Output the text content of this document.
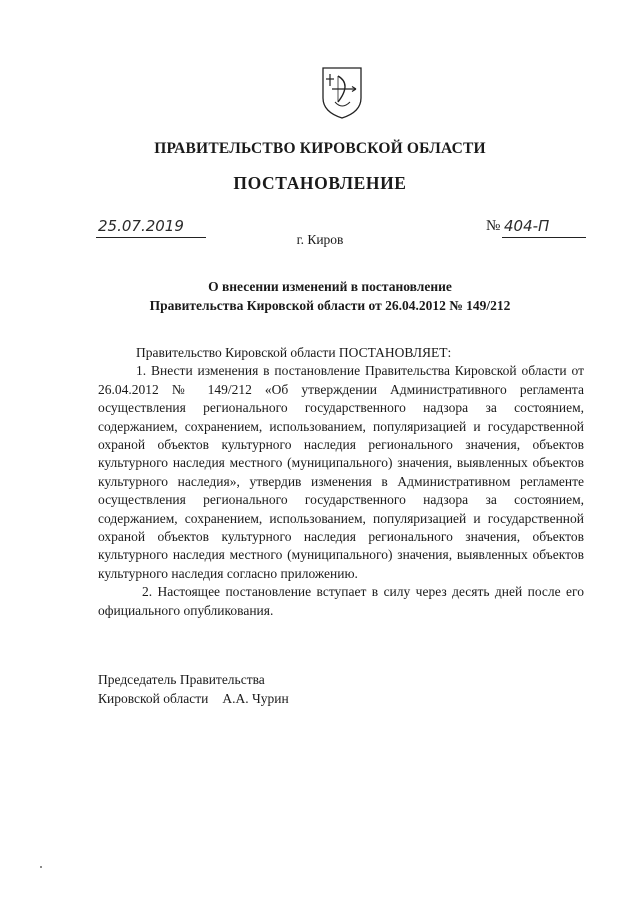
ПРАВИТЕЛЬСТВО КИРОВСКОЙ ОБЛАСТИ
ПОСТАНОВЛЕНИЕ
25.07.2019	№ 404-П
г. Киров
О внесении изменений в постановление
Правительства Кировской области от 26.04.2012 № 149/212

Правительство Кировской области ПОСТАНОВЛЯЕТ:

1. Внести изменения в постановление Правительства Кировской области от 26.04.2012 № 149/212 «Об утверждении Административного регламента осуществления регионального государственного надзора за состоянием, содержанием, сохранением, использованием, популяризацией и государственной охраной объектов культурного наследия регионального значения, объектов культурного наследия местного (муниципального) значения, выявленных объектов культурного наследия», утвердив изменения в Административном регламенте осуществления регионального государственного надзора за состоянием, содержанием, сохранением, использованием, популяризацией и государственной охраной объектов культурного наследия регионального значения, объектов культурного наследия местного (муниципального) значения, выявленных объектов культурного наследия согласно приложению.

2. Настоящее постановление вступает в силу через десять дней после его официального опубликования.

Председатель Правительства
Кировской области А.А. Чурин
